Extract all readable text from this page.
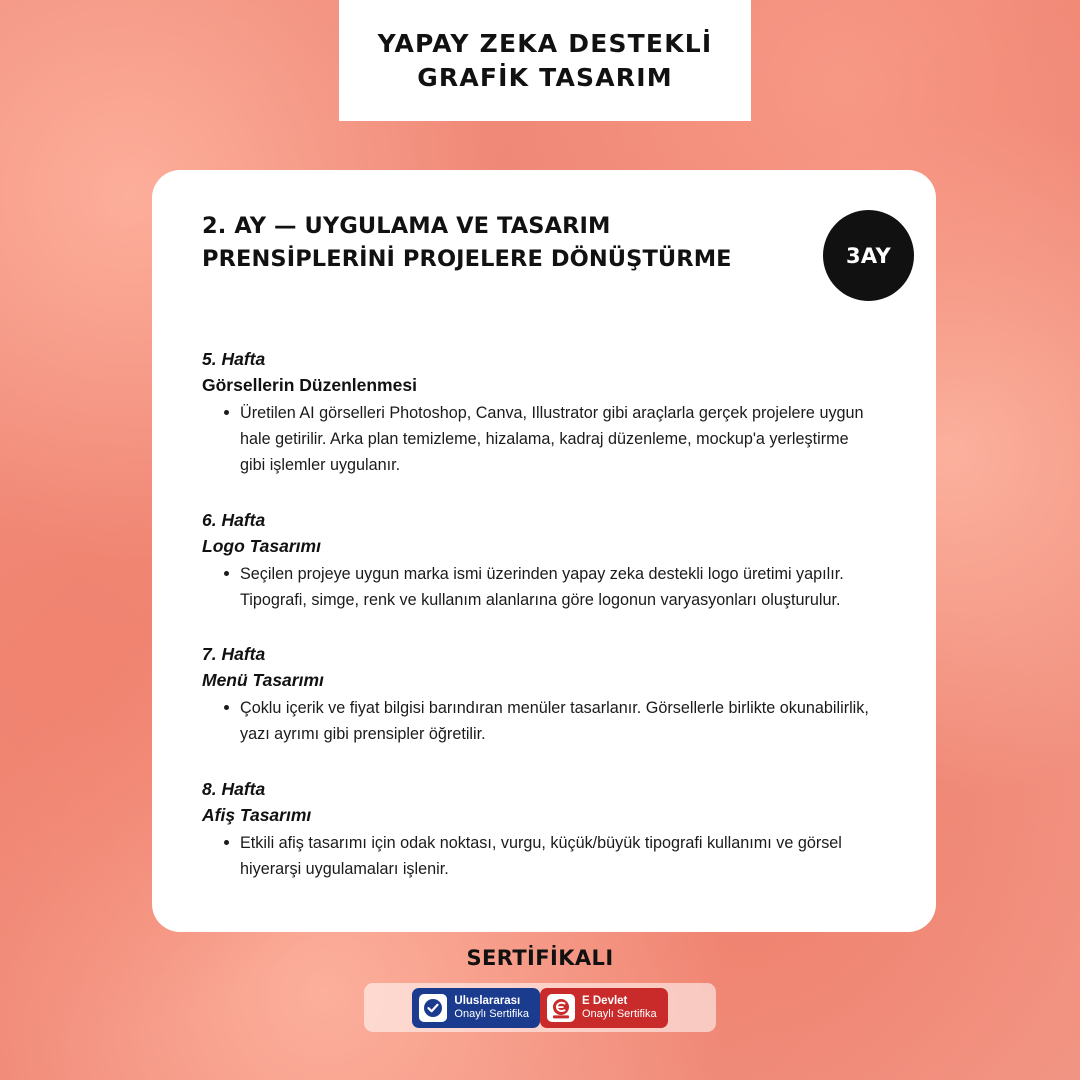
YAPAY ZEKA DESTEKLİ
GRAFİK TASARIM
2. AY — UYGULAMA VE TASARIM PRENSİPLERİNİ PROJELERE DÖNÜŞTÜRME	3AY
5. Hafta
Görsellerin Düzenlenmesi
Üretilen AI görselleri Photoshop, Canva, Illustrator gibi araçlarla gerçek projelere uygun hale getirilir. Arka plan temizleme, hizalama, kadraj düzenleme, mockup'a yerleştirme gibi işlemler uygulanır.
6. Hafta
Logo Tasarımı
Seçilen projeye uygun marka ismi üzerinden yapay zeka destekli logo üretimi yapılır. Tipografi, simge, renk ve kullanım alanlarına göre logonun varyasyonları oluşturulur.
7. Hafta
Menü Tasarımı
Çoklu içerik ve fiyat bilgisi barındıran menüler tasarlanır. Görsellerle birlikte okunabilirlik, yazı ayrımı gibi prensipler öğretilir.
8. Hafta
Afiş Tasarımı
Etkili afiş tasarımı için odak noktası, vurgu, küçük/büyük tipografi kullanımı ve görsel hiyerarşi uygulamaları işlenir.
SERTİFİKALI
Uluslararası
Onaylı Sertifika
E Devlet
Onaylı Sertifika
